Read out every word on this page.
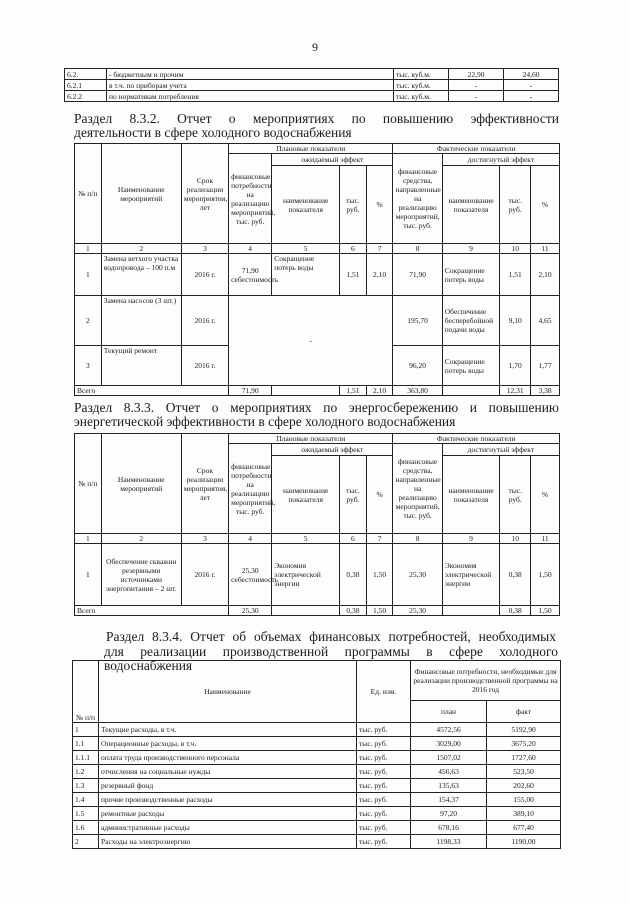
9
6.2.	- бюджетным и прочим	тыс. куб.м.	22,90	24,60
6.2.1	в т.ч. по приборам учета	тыс. куб.м.	-	-
6.2.2	по нормативам потребления	тыс. куб.м.	-	-
Раздел 8.3.2. Отчет о мероприятиях по повышению эффективности
деятельности в сфере холодного водоснабжения
№ п/п	Наименование мероприятий	Срок реализации мероприятия, лет	Плановые показатели				Фактические показатели			
			финансовые потребности на реализацию мероприятий, тыс. руб.	ожидаемый эффект			финансовые средства, направленные на реализацию мероприятий, тыс. руб.	достигнутый эффект		
				наименование показателя	тыс. руб.	%		наименование показателя	тыс. руб.	%
1	2	3	4	5	6	7	8	9	10	11
1	Замена ветхого участка водопровода – 100 п.м	2016 г.	71,90 себестоимость	Сокращение потерь воды	1,51	2,10	71,90	Сокращение потерь воды	1,51	2,10
2	Замена насосов (3 шт.)	2016 г.	-				195,70	Обеспечение бесперебойной подачи воды	9,10	4,65
3	Текущий ремонт	2016 г.					96,20	Сокращение потерь воды	1,70	1,77
Всего			71,90		1,51	2,10	363,80		12,31	3,38
Раздел 8.3.3. Отчет о мероприятиях по энергосбережению и повышению
энергетической эффективности в сфере холодного водоснабжения
№ п/п	Наименование мероприятий	Срок реализации мероприятия, лет	Плановые показатели				Фактические показатели			
			финансовые потребности на реализацию мероприятий, тыс. руб.	ожидаемый эффект			финансовые средства, направленные на реализацию мероприятий, тыс. руб.	достигнутый эффект		
				наименование показателя	тыс. руб.	%		наименование показателя	тыс. руб.	%
1	2	3	4	5	6	7	8	9	10	11
1	Обеспечение скважин резервными источниками энергопитания – 2 шт.	2016 г.	25,30 себестоимость	Экономия электрической энергии	0,38	1,50	25,30	Экономия электрической энергии	0,38	1,50
Всего			25,30		0,38	1,50	25,30		0,38	1,50
Раздел 8.3.4. Отчет об объемах финансовых потребностей, необходимых
для реализации производственной программы в сфере холодного водоснабжения
№ п/п	Наименование	Ед. изм.	Финансовые потребности, необходимые для реализации производственной программы на 2016 год	
			план	факт
1	Текущие расходы, в т.ч.	тыс. руб.	4572,56	5192,90
1.1	Операционные расходы, в т.ч.	тыс. руб.	3029,00	3675,20
1.1.1	оплата труда производственного персонала	тыс. руб.	1507,02	1727,60
1.2	отчисления на социальные нужды	тыс. руб.	456,63	523,50
1.3	резервный фонд	тыс. руб.	135,63	202,60
1.4	прочие производственные расходы	тыс. руб.	154,37	155,00
1.5	ремонтные расходы	тыс. руб.	97,20	389,10
1.6	административные расходы	тыс. руб.	678,16	677,40
2	Расходы на электроэнергию	тыс. руб.	1198,33	1190,00
